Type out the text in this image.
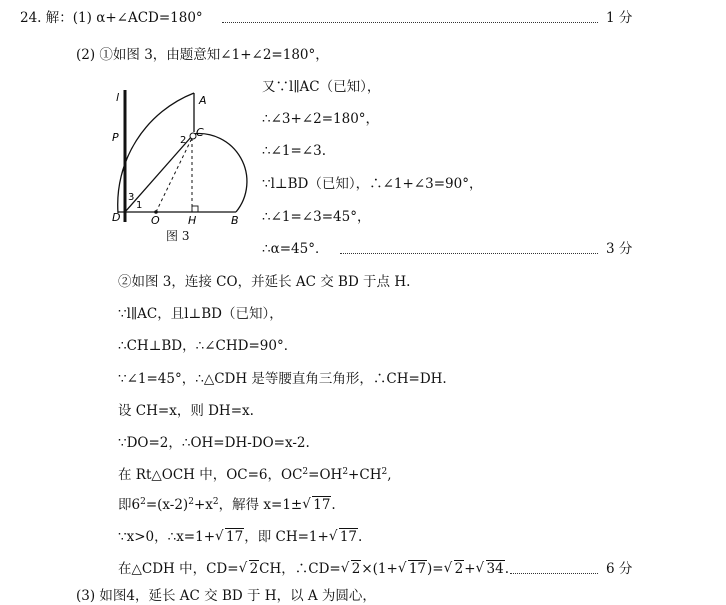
24. 解：(1) α+∠ACD=180°	1 分
(2) ①如图 3，由题意知∠1+∠2=180°，
l	A
P	2
C
3
1
D	O	H	B
图 3
又∵l∥AC（已知），
∴∠3+∠2=180°，
∴∠1=∠3.
∵l⊥BD（已知），∴∠1+∠3=90°，
∴∠1=∠3=45°，
∴α=45°．	3 分
②如图 3，连接 CO，并延长 AC 交 BD 于点 H.
∵l∥AC，且l⊥BD（已知），
∴CH⊥BD，∴∠CHD=90°．
∵∠1=45°，∴△CDH 是等腰直角三角形，∴CH=DH.
设 CH=x，则 DH=x.
∵DO=2，∴OH=DH-DO=x-2.
在 Rt△OCH 中，OC=6，$OC^2=OH^2+CH^2$,
即$6^2=(x-2)^2+x^2$，解得 x=1± √ 17.
∵x>0，∴x=1+ √ 17，即 CH=1+ √ 17.
在△CDH 中，CD= √ 2CH，∴CD= √ 2×(1+ √ 17)= √ 2+ √ 34.	6 分
(3) 如图4，延长 AC 交 BD 于 H，以 A 为圆心，
